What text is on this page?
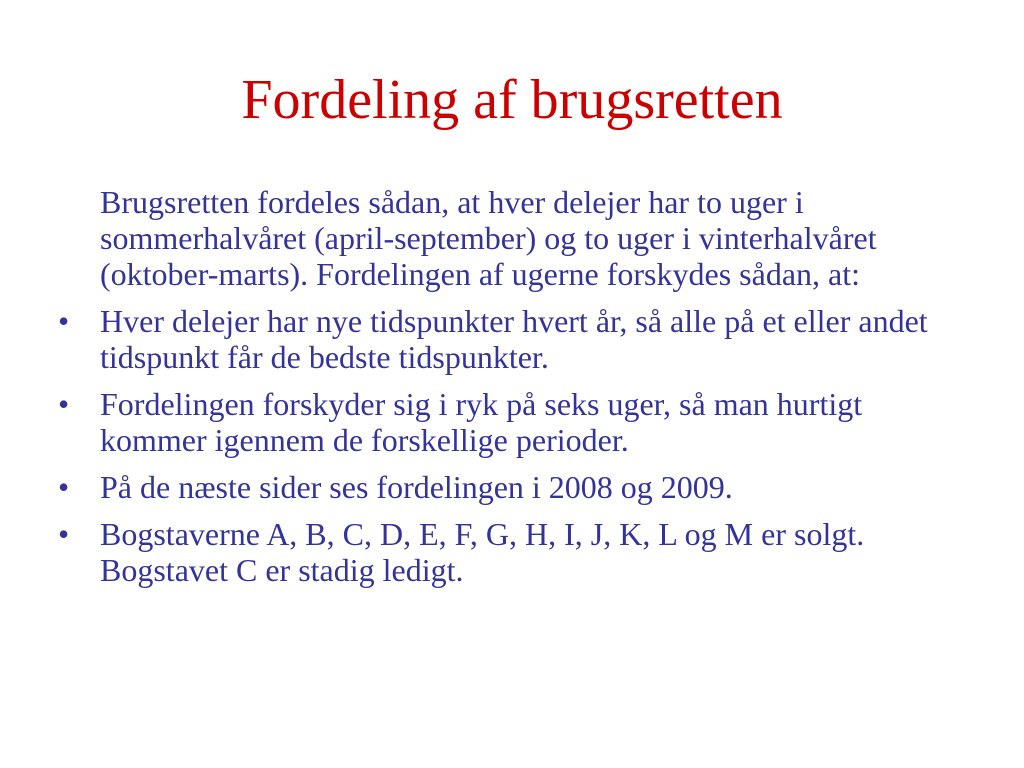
Fordeling af brugsretten
Brugsretten fordeles sådan, at hver delejer har to uger i sommerhalvåret (april-september) og to uger i vinterhalvåret (oktober-marts). Fordelingen af ugerne forskydes sådan, at:
• Hver delejer har nye tidspunkter hvert år, så alle på et eller andet tidspunkt får de bedste tidspunkter.
• Fordelingen forskyder sig i ryk på seks uger, så man hurtigt kommer igennem de forskellige perioder.
• På de næste sider ses fordelingen i 2008 og 2009.
• Bogstaverne A, B, C, D, E, F, G, H, I, J, K, L og M er solgt. Bogstavet C er stadig ledigt.
